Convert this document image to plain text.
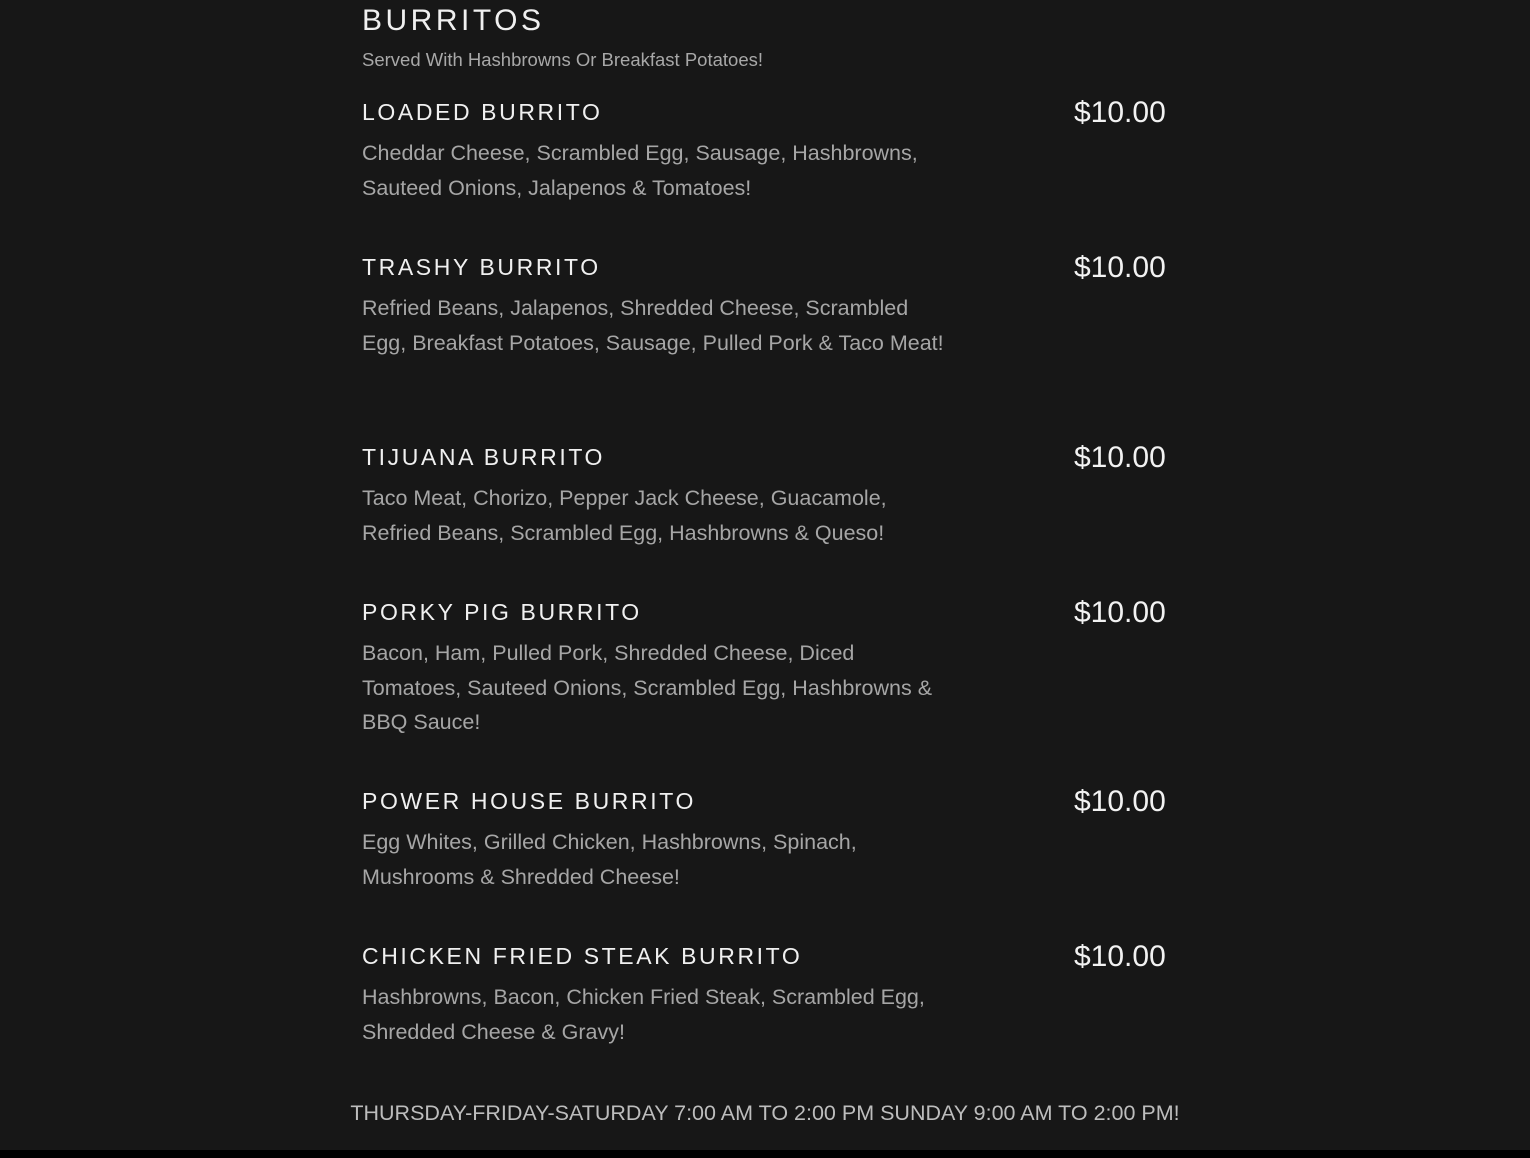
BURRITOS

Served With Hashbrowns Or Breakfast Potatoes!

LOADED BURRITO	$10.00

Cheddar Cheese, Scrambled Egg, Sausage, Hashbrowns, Sauteed Onions, Jalapenos & Tomatoes!

TRASHY BURRITO	$10.00

Refried Beans, Jalapenos, Shredded Cheese, Scrambled Egg, Breakfast Potatoes, Sausage, Pulled Pork & Taco Meat!

TIJUANA BURRITO	$10.00

Taco Meat, Chorizo, Pepper Jack Cheese, Guacamole, Refried Beans, Scrambled Egg, Hashbrowns & Queso!

PORKY PIG BURRITO	$10.00

Bacon, Ham, Pulled Pork, Shredded Cheese, Diced Tomatoes, Sauteed Onions, Scrambled Egg, Hashbrowns & BBQ Sauce!

POWER HOUSE BURRITO	$10.00

Egg Whites, Grilled Chicken, Hashbrowns, Spinach, Mushrooms & Shredded Cheese!

CHICKEN FRIED STEAK BURRITO	$10.00

Hashbrowns, Bacon, Chicken Fried Steak, Scrambled Egg, Shredded Cheese & Gravy!

THURSDAY-FRIDAY-SATURDAY 7:00 AM TO 2:00 PM SUNDAY 9:00 AM TO 2:00 PM!
